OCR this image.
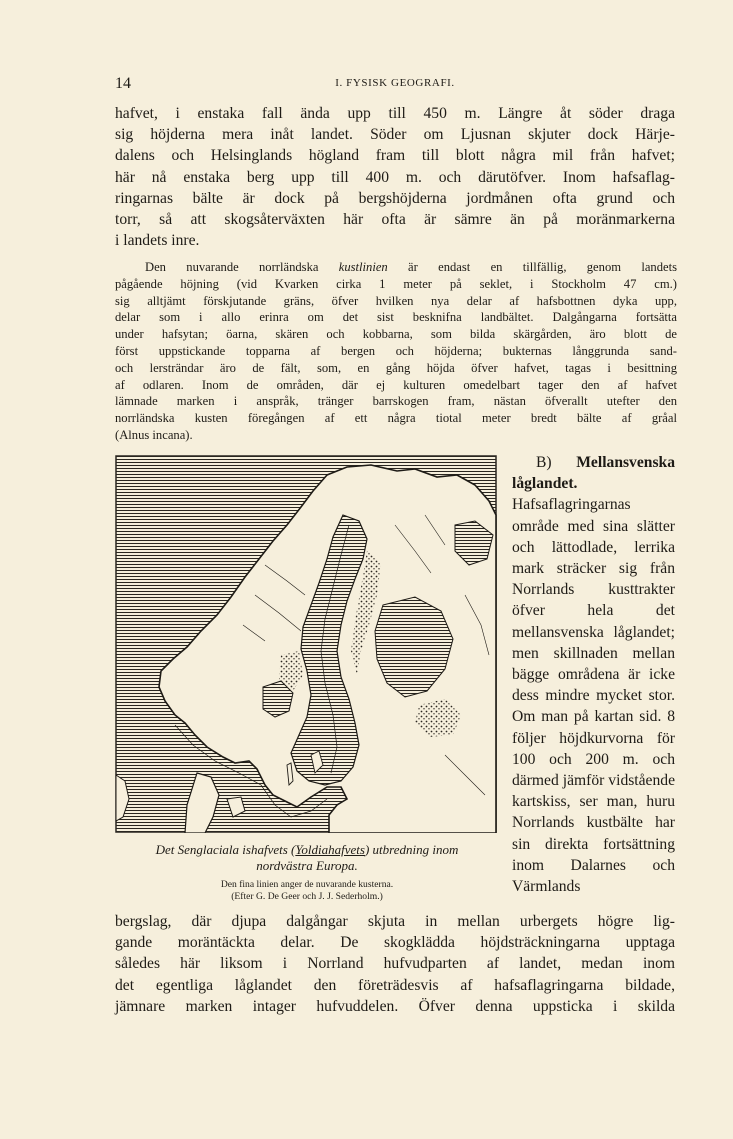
14	I. FYSISK GEOGRAFI.
hafvet, i enstaka fall ända upp till 450 m. Längre åt söder draga
sig höjderna mera inåt landet. Söder om Ljusnan skjuter dock Härje-
dalens och Helsinglands högland fram till blott några mil från hafvet;
här nå enstaka berg upp till 400 m. och därutöfver. Inom hafsaflag-
ringarnas bälte är dock på bergshöjderna jordmånen ofta grund och
torr, så att skogsåterväxten här ofta är sämre än på moränmarkerna
i landets inre.
Den nuvarande norrländska kustlinien är endast en tillfällig, genom landets
pågående höjning (vid Kvarken cirka 1 meter på seklet, i Stockholm 47 cm.)
sig alltjämt förskjutande gräns, öfver hvilken nya delar af hafsbottnen dyka upp,
delar som i allo erinra om det sist besknifna landbältet. Dalgångarna fortsätta
under hafsytan; öarna, skären och kobbarna, som bilda skärgården, äro blott de
först uppstickande topparna af bergen och höjderna; bukternas långgrunda sand-
och lersträndar äro de fält, som, en gång höjda öfver hafvet, tagas i besittning
af odlaren. Inom de områden, där ej kulturen omedelbart tager den af hafvet
lämnade marken i anspråk, tränger barrskogen fram, nästan öfverallt utefter den
norrländska kusten föregången af ett några tiotal meter bredt bälte af gråal
(Alnus incana).
Det Senglaciala ishafvets (Yoldiahafvets) utbredning inom
nordvästra Europa.
Den fina linien anger de nuvarande kusterna.
(Efter G. De Geer och J. J. Sederholm.)
B) Mellansvenska låglandet. Hafsaflagringarnas område med sina slätter och lättodlade, lerrika mark sträcker sig från Norrlands kusttrakter öfver hela det mellansvenska låglandet; men skillnaden mellan bägge områdena är icke dess mindre mycket stor. Om man på kartan sid. 8 följer höjdkurvorna för 100 och 200 m. och därmed jämför vidstående kartskiss, ser man, huru Norrlands kustbälte har sin direkta fortsättning inom Dalarnes och Värmlands
bergslag, där djupa dalgångar skjuta in mellan urbergets högre lig-
gande moräntäckta delar. De skogklädda höjdsträckningarna upptaga
således här liksom i Norrland hufvudparten af landet, medan inom
det egentliga låglandet den företrädesvis af hafsaflagringarna bildade,
jämnare marken intager hufvuddelen. Öfver denna uppsticka i skilda
